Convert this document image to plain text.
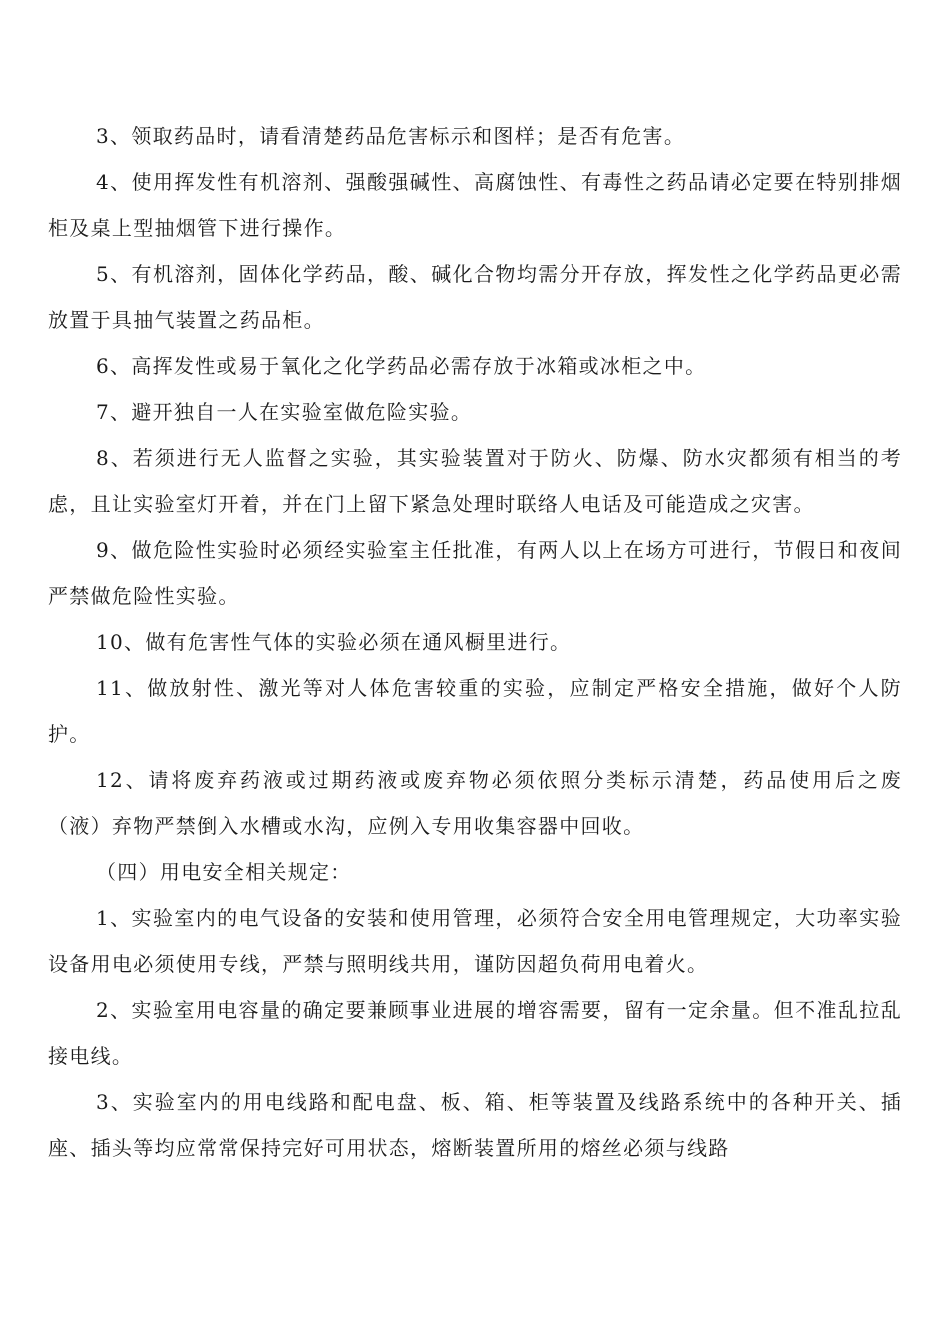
3、领取药品时，请看清楚药品危害标示和图样；是否有危害。

4、使用挥发性有机溶剂、强酸强碱性、高腐蚀性、有毒性之药品请必定要在特别排烟柜及桌上型抽烟管下进行操作。

5、有机溶剂，固体化学药品，酸、碱化合物均需分开存放，挥发性之化学药品更必需放置于具抽气装置之药品柜。

6、高挥发性或易于氧化之化学药品必需存放于冰箱或冰柜之中。

7、避开独自一人在实验室做危险实验。

8、若须进行无人监督之实验，其实验装置对于防火、防爆、防水灾都须有相当的考虑，且让实验室灯开着，并在门上留下紧急处理时联络人电话及可能造成之灾害。

9、做危险性实验时必须经实验室主任批准，有两人以上在场方可进行，节假日和夜间严禁做危险性实验。

10、做有危害性气体的实验必须在通风橱里进行。

11、做放射性、激光等对人体危害较重的实验，应制定严格安全措施，做好个人防护。

12、请将废弃药液或过期药液或废弃物必须依照分类标示清楚，药品使用后之废（液）弃物严禁倒入水槽或水沟，应例入专用收集容器中回收。

（四）用电安全相关规定：

1、实验室内的电气设备的安装和使用管理，必须符合安全用电管理规定，大功率实验设备用电必须使用专线，严禁与照明线共用，谨防因超负荷用电着火。

2、实验室用电容量的确定要兼顾事业进展的增容需要，留有一定余量。但不准乱拉乱接电线。

3、实验室内的用电线路和配电盘、板、箱、柜等装置及线路系统中的各种开关、插座、插头等均应常常保持完好可用状态，熔断装置所用的熔丝必须与线路
